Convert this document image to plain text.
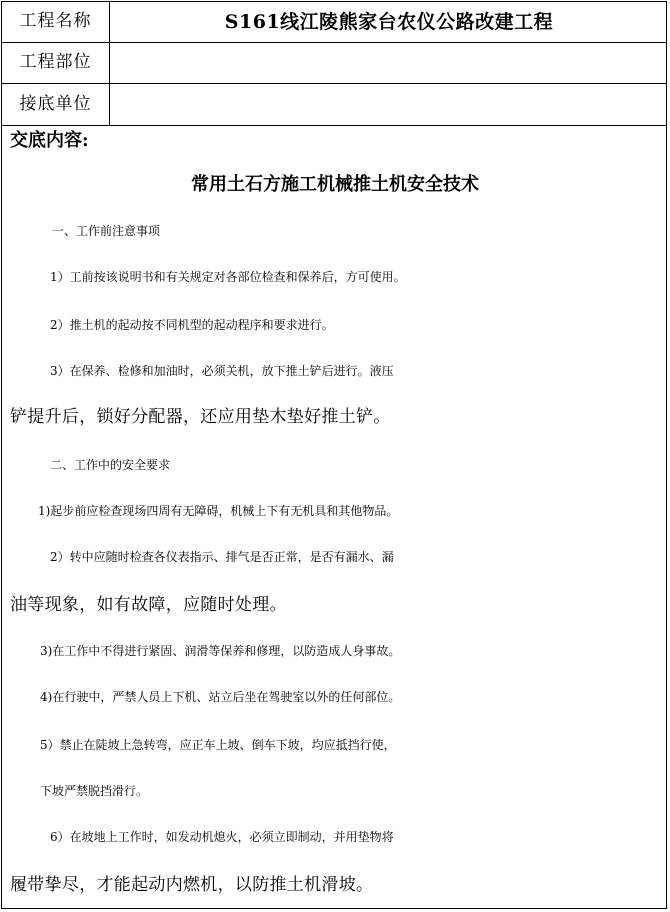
工程名称	S161线江陵熊家台农仪公路改建工程
工程部位
接底单位
交底内容:
常用土石方施工机械推土机安全技术
一、工作前注意事项
1）工前按该说明书和有关规定对各部位检查和保养后，方可使用。
2）推土机的起动按不同机型的起动程序和要求进行。
3）在保养、检修和加油时，必须关机，放下推土铲后进行。液压
铲提升后，锁好分配器，还应用垫木垫好推土铲。
二、工作中的安全要求
1)起步前应检查现场四周有无障碍，机械上下有无机具和其他物品。
2）转中应随时检查各仪表指示、排气是否正常，是否有漏水、漏
油等现象，如有故障，应随时处理。
3)在工作中不得进行紧固、润滑等保养和修理，以防造成人身事故。
4)在行驶中，严禁人员上下机、站立后坐在驾驶室以外的任何部位。
5）禁止在陡坡上急转弯，应正车上坡、倒车下坡，均应抵挡行使，
下坡严禁脱挡滑行。
6）在坡地上工作时，如发动机熄火，必须立即制动，并用垫物将
履带挚尽，才能起动内燃机，以防推土机滑坡。
